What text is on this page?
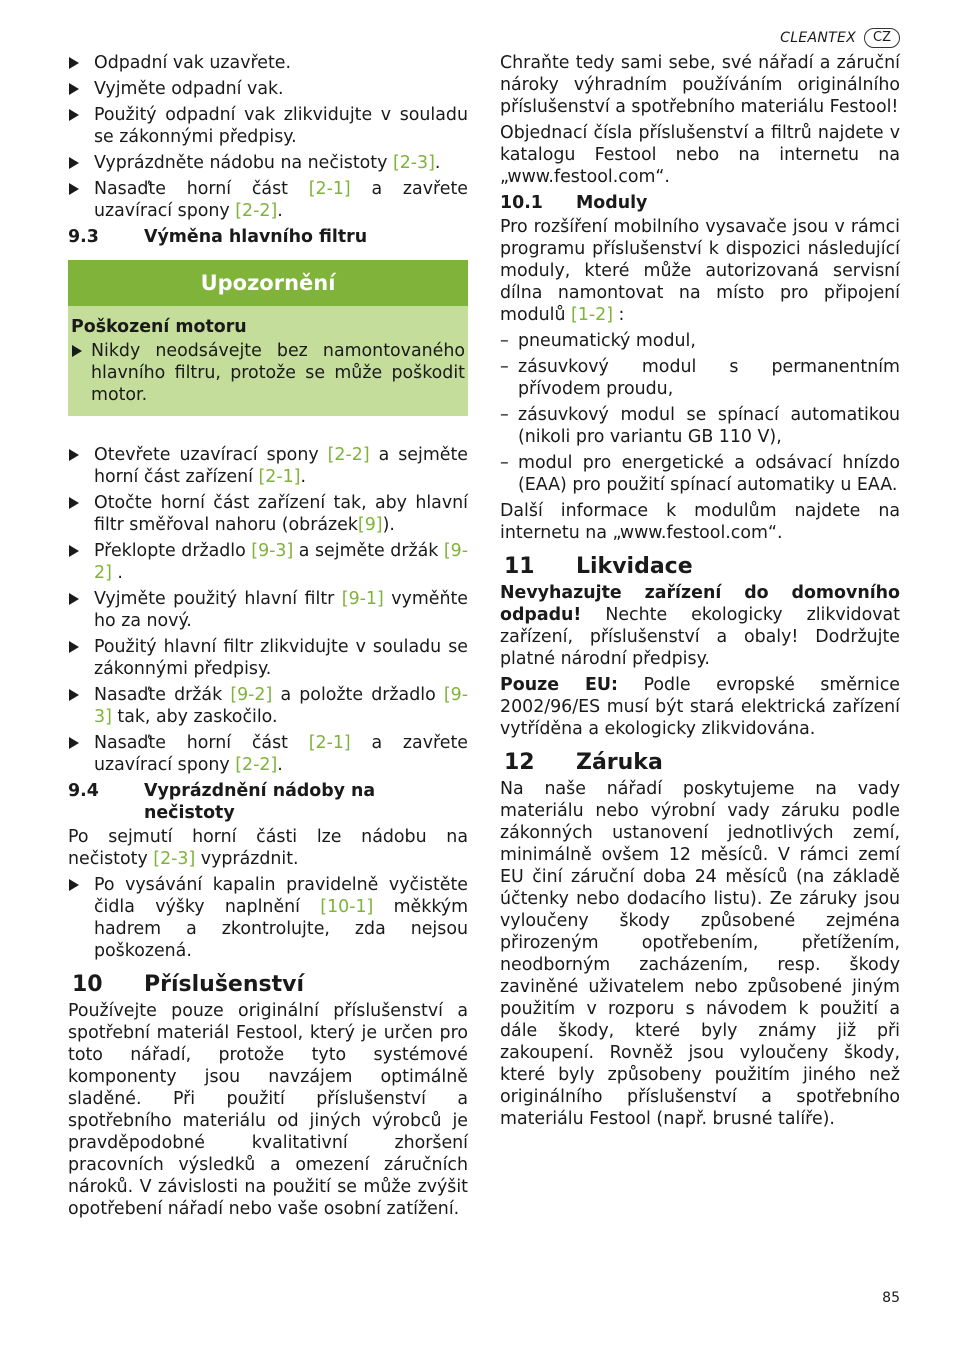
CLEANTEX	CZ
Odpadní vak uzavřete.
Vyjměte odpadní vak.
Použitý odpadní vak zlikvidujte v souladu se zákonnými předpisy.
Vyprázdněte nádobu na nečistoty [2-3].
Nasaďte horní část [2-1] a zavřete uzavírací spony [2-2].
9.3	Výměna hlavního filtru
Upozornění
Poškození motoru
Nikdy neodsávejte bez namontovaného hlavního filtru, protože se může poškodit motor.
Otevřete uzavírací spony [2-2] a sejměte horní část zařízení [2-1].
Otočte horní část zařízení tak, aby hlavní filtr směřoval nahoru (obrázek[9]).
Překlopte držadlo [9-3] a sejměte držák [9-2] .
Vyjměte použitý hlavní filtr [9-1] vyměňte ho za nový.
Použitý hlavní filtr zlikvidujte v souladu se zákonnými předpisy.
Nasaďte držák [9-2] a položte držadlo [9-3] tak, aby zaskočilo.
Nasaďte horní část [2-1] a zavřete uzavírací spony [2-2].
9.4	Vyprázdnění nádoby na nečistoty

Po sejmutí horní části lze nádobu na nečistoty [2-3] vyprázdnit.

Po vysávání kapalin pravidelně vyčistěte čidla výšky naplnění [10-1] měkkým hadrem a zkontrolujte, zda nejsou poškozená.
10	Příslušenství

Používejte pouze originální příslušenství a spotřební materiál Festool, který je určen pro toto nářadí, protože tyto systémové komponenty jsou navzájem optimálně sladěné. Při použití příslušenství a spotřebního materiálu od jiných výrobců je pravděpodobné kvalitativní zhoršení pracovních výsledků a omezení záručních nároků. V závislosti na použití se může zvýšit opotřebení nářadí nebo vaše osobní zatížení.

Chraňte tedy sami sebe, své nářadí a záruční nároky výhradním používáním originálního příslušenství a spotřebního materiálu Festool!

Objednací čísla příslušenství a filtrů najdete v katalogu Festool nebo na internetu na „www.festool.com“.

10.1	Moduly

Pro rozšíření mobilního vysavače jsou v rámci programu příslušenství k dispozici následující moduly, které může autorizovaná servisní dílna namontovat na místo pro připojení modulů [1-2] :

– pneumatický modul,
– zásuvkový modul s permanentním přívodem proudu,
– zásuvkový modul se spínací automatikou (nikoli pro variantu GB 110 V),
– modul pro energetické a odsávací hnízdo (EAA) pro použití spínací automatiky u EAA.

Další informace k modulům najdete na internetu na „www.festool.com“.

11	Likvidace

Nevyhazujte zařízení do domovního odpadu! Nechte ekologicky zlikvidovat zařízení, příslušenství a obaly! Dodržujte platné národní předpisy.

Pouze EU: Podle evropské směrnice 2002/96/ES musí být stará elektrická zařízení vytříděna a ekologicky zlikvidována.

12	Záruka

Na naše nářadí poskytujeme na vady materiálu nebo výrobní vady záruku podle zákonných ustanovení jednotlivých zemí, minimálně ovšem 12 měsíců. V rámci zemí EU činí záruční doba 24 měsíců (na základě účtenky nebo dodacího listu). Ze záruky jsou vyloučeny škody způsobené zejména přirozeným opotřebením, přetížením, neodborným zacházením, resp. škody zaviněné uživatelem nebo způsobené jiným použitím v rozporu s návodem k použití a dále škody, které byly známy již při zakoupení. Rovněž jsou vyloučeny škody, které byly způsobeny použitím jiného než originálního příslušenství a spotřebního materiálu Festool (např. brusné talíře).

85
